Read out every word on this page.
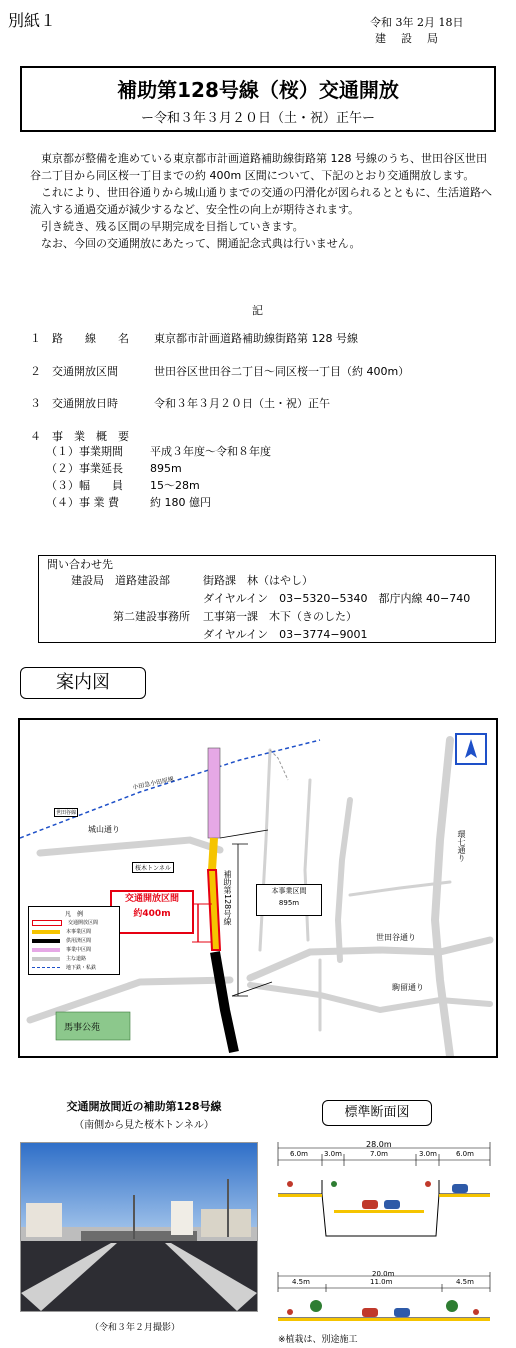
別紙１	令和 3年 2月 18日
建　設　局
補助第128号線（桜）交通開放
ー令和３年３月２０日（土・祝）正午ー
東京都が整備を進めている東京都市計画道路補助線街路第 128 号線のうち、世田谷区世田谷二丁目から同区桜一丁目までの約 400m 区間について、下記のとおり交通開放します。
これにより、世田谷通りから城山通りまでの交通の円滑化が図られるとともに、生活道路へ流入する通過交通が減少するなど、安全性の向上が期待されます。
引き続き、残る区間の早期完成を目指していきます。
なお、今回の交通開放にあたって、開通記念式典は行いません。
記
１　路　　線　　名 東京都市計画道路補助線街路第 128 号線
２　交通開放区間	世田谷区世田谷二丁目～同区桜一丁目（約 400m）
３　交通開放日時	令和３年３月２０日（土・祝）正午
４　事　業　概　要
（１）事業期間 平成３年度～令和８年度
（２）事業延長 895m
（３）幅　　員 15～28m
（４）事 業 費	約 180 億円
問い合わせ先
建設局　道路建設部	街路課　林（はやし）
ダイヤルイン　03−5320−5340　都庁内線 40−740
第二建設事務所 工事第一課　木下（きのした）
ダイヤルイン　03−3774−9001
案内図
交通開放区間
約400m
本事業区間
895m
補助第128号線
城山通り
世田谷通り
駒留通り
環七通り
桜木トンネル
小田急小田原線
世田谷線
凡　例
交通開放区間
本事業区間
供用済区間
事業中区間
主な道路
地下鉄・私鉄
馬事公苑
交通開放間近の補助第128号線
（南側から見た桜木トンネル）
（令和３年２月撮影）
標準断面図
28.0m
6.0m 3.0m	7.0m	3.0m	6.0m
20.0m
4.5m	11.0m	4.5m
※植栽は、別途施工
